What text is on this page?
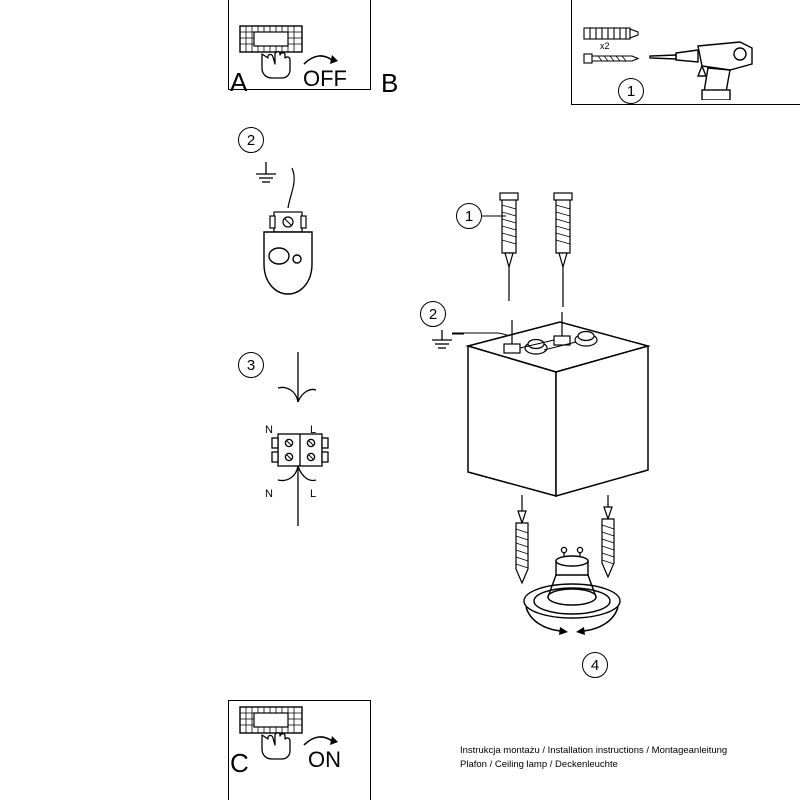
A	OFF B
x2
1
2
3
N	L
N	L
1
2
4
C	ON	Instrukcja montażu / Installation instructions / Montageanleitung
Plafon / Ceiling lamp / Deckenleuchte
